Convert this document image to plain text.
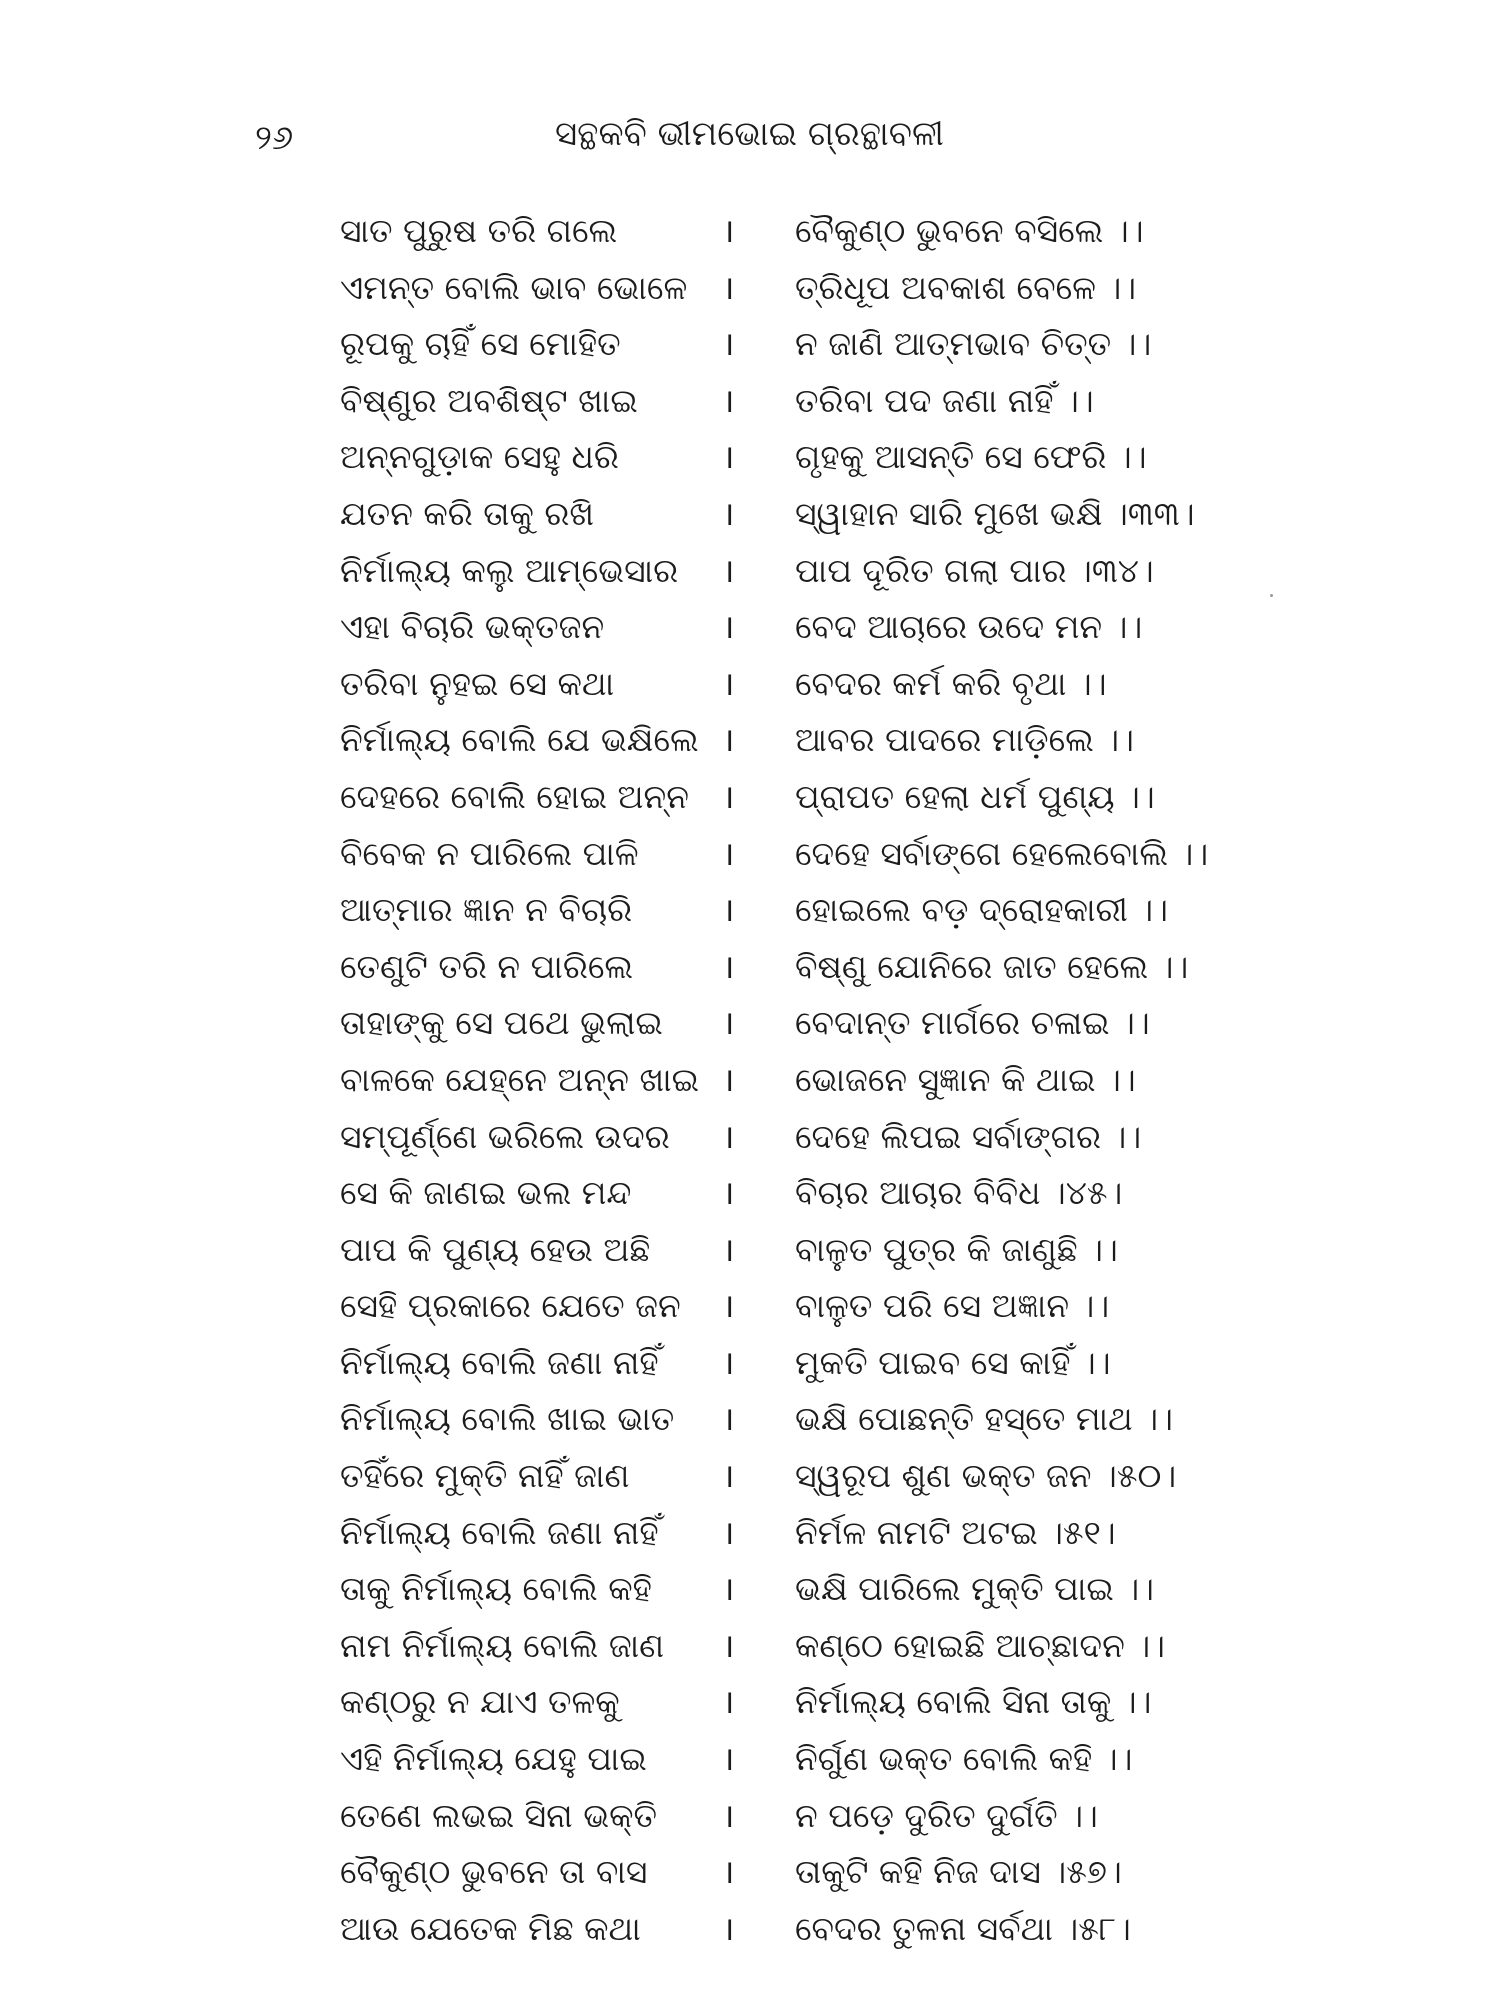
୨୬	ସନ୍ଥକବି ଭୀମଭୋଇ ଗ୍ରନ୍ଥାବଳୀ
ସାତ ପୁରୁଷ ତରି ଗଲେ	। ବୈକୁଣ୍ଠ ଭୁବନେ ବସିଲେ ।।
ଏମନ୍ତ ବୋଲି ଭାବ ଭୋଳେ	। ତ୍ରିଧୂପ ଅବକାଶ ବେଳେ ।।
ରୂପକୁ ଚାହିଁ ସେ ମୋହିତ	। ନ ଜାଣି ଆତ୍ମଭାବ ଚିତ୍ତ ।।
ବିଷ୍ଣୁର ଅବଶିଷ୍ଟ ଖାଇ	। ତରିବା ପଦ ଜଣା ନାହିଁ ।।
ଅନ୍ନଗୁଡ଼ାକ ସେହୁ ଧରି	। ଗୃହକୁ ଆସନ୍ତି ସେ ଫେରି ।।
ଯତନ କରି ତାକୁ ରଖି	। ସ୍ୱାହାନ ସାରି ମୁଖେ ଭକ୍ଷି ।୩୩।
ନିର୍ମାଲ୍ୟ କଲୁ ଆମ୍ଭେସାର	। ପାପ ଦୂରିତ ଗଲା ପାର ।୩୪।
ଏହା ବିଚାରି ଭକ୍ତଜନ	। ବେଦ ଆଚାରେ ଉଦେ ମନ ।।
ତରିବା ନୁହଇ ସେ କଥା	। ବେଦର କର୍ମ କରି ବୃଥା ।।
ନିର୍ମାଲ୍ୟ ବୋଲି ଯେ ଭକ୍ଷିଲେ । ଆବର ପାଦରେ ମାଡ଼ିଲେ ।।
ଦେହରେ ବୋଲି ହୋଇ ଅନ୍ନ । ପ୍ରାପତ ହେଲା ଧର୍ମ ପୁଣ୍ୟ ।।
ବିବେକ ନ ପାରିଲେ ପାଳି	। ଦେହେ ସର୍ବାଙ୍ଗେ ହେଲେବୋଲି ।।
ଆତ୍ମାର ଜ୍ଞାନ ନ ବିଚାରି	। ହୋଇଲେ ବଡ଼ ଦ୍ରୋହକାରୀ ।।
ତେଣୁଟି ତରି ନ ପାରିଲେ	। ବିଷ୍ଣୁ ଯୋନିରେ ଜାତ ହେଲେ ।।
ତାହାଙ୍କୁ ସେ ପଥେ ଭୁଲାଇ	। ବେଦାନ୍ତ ମାର୍ଗରେ ଚଳାଇ ।।
ବାଳକେ ଯେହ୍ନେ ଅନ୍ନ ଖାଇ । ଭୋଜନେ ସୁଜ୍ଞାନ କି ଥାଇ ।।
ସମ୍ପୂର୍ଣ୍ଣେ ଭରିଲେ ଉଦର	। ଦେହେ ଲିପଇ ସର୍ବାଙ୍ଗର ।।
ସେ କି ଜାଣଇ ଭଲ ମନ୍ଦ	। ବିଚାର ଆଚାର ବିବିଧ ।୪୫।
ପାପ କି ପୁଣ୍ୟ ହେଉ ଅଛି	। ବାଳୁତ ପୁତ୍ର କି ଜାଣୁଛି ।।
ସେହି ପ୍ରକାରେ ଯେତେ ଜନ	। ବାଳୁତ ପରି ସେ ଅଜ୍ଞାନ ।।
ନିର୍ମାଲ୍ୟ ବୋଲି ଜଣା ନାହିଁ	। ମୁକତି ପାଇବ ସେ କାହିଁ ।।
ନିର୍ମାଲ୍ୟ ବୋଲି ଖାଇ ଭାତ	। ଭକ୍ଷି ପୋଛନ୍ତି ହସ୍ତେ ମାଥ ।।
ତହିଁରେ ମୁକ୍ତି ନାହିଁ ଜାଣ	। ସ୍ୱରୂପ ଶୁଣ ଭକ୍ତ ଜନ ।୫୦।
ନିର୍ମାଲ୍ୟ ବୋଲି ଜଣା ନାହିଁ	। ନିର୍ମଳ ନାମଟି ଅଟଇ ।୫୧।
ତାକୁ ନିର୍ମାଲ୍ୟ ବୋଲି କହି	। ଭକ୍ଷି ପାରିଲେ ମୁକ୍ତି ପାଇ ।।
ନାମ ନିର୍ମାଲ୍ୟ ବୋଲି ଜାଣ	। କଣ୍ଠେ ହୋଇଛି ଆଚ୍ଛାଦନ ।।
କଣ୍ଠରୁ ନ ଯାଏ ତଳକୁ	। ନିର୍ମାଲ୍ୟ ବୋଲି ସିନା ତାକୁ ।।
ଏହି ନିର୍ମାଲ୍ୟ ଯେହୁ ପାଇ	। ନିର୍ଗୁଣ ଭକ୍ତ ବୋଲି କହି ।।
ତେଣେ ଲଭଇ ସିନା ଭକ୍ତି	। ନ ପଡ଼େ ଦୁରିତ ଦୁର୍ଗତି ।।
ବୈକୁଣ୍ଠ ଭୁବନେ ତା ବାସ	। ତାକୁଟି କହି ନିଜ ଦାସ ।୫୭।
ଆଉ ଯେତେକ ମିଛ କଥା	। ବେଦର ତୁଳନା ସର୍ବଥା ।୫୮।
